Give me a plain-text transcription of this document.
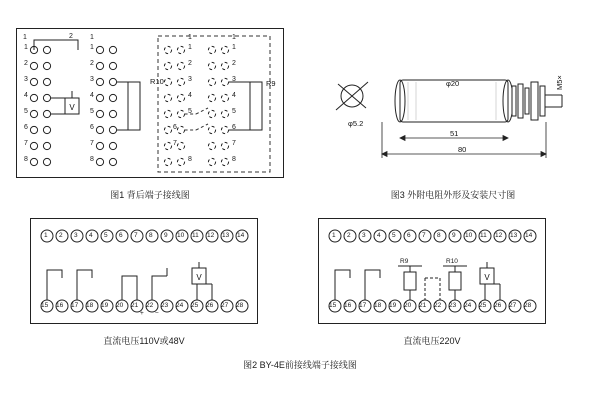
V
R10	R9
1	2
1
2
3
4
5
6
7
8
1
1
2
3
4
5
6
7
8
1	1
1
2
3
4
5
6
7
8
1
2
3
4
5
6
7
8
图1 背后端子接线图
φ5.2
φ20	M5×
51
80
图3 外附电阻外形及安装尺寸图
V
1 2 3 4 5 6 7 8 9 10 11 12 13 14
15 16 17 18 19 20 21 22 23 24 25 26 27 28
+ −
直流电压110V或48V
V
1 2 3 4 5 6 7 8 9 10 11 12 13 14
15 16 17 18 19 20 21 22 23 24 25 26 27 28
R9	R10
直流电压220V
图2 BY-4E前接线端子接线图
